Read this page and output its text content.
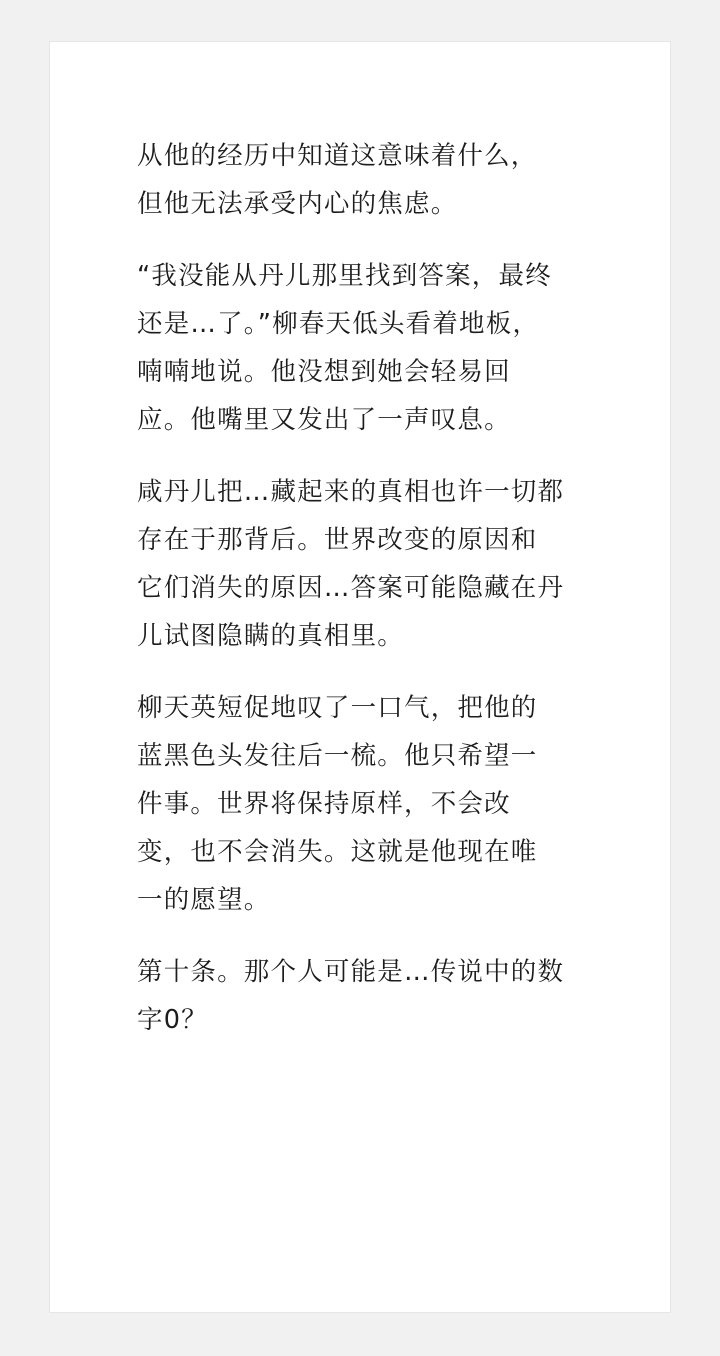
从他的经历中知道这意味着什么，
但他无法承受内心的焦虑。

“我没能从丹儿那里找到答案，最终
还是…了。”柳春天低头看着地板，
喃喃地说。他没想到她会轻易回
应。他嘴里又发出了一声叹息。

咸丹儿把…藏起来的真相也许一切都
存在于那背后。世界改变的原因和
它们消失的原因…答案可能隐藏在丹
儿试图隐瞒的真相里。

柳天英短促地叹了一口气，把他的
蓝黑色头发往后一梳。他只希望一
件事。世界将保持原样，不会改
变，也不会消失。这就是他现在唯
一的愿望。

第十条。那个人可能是…传说中的数
字0？
